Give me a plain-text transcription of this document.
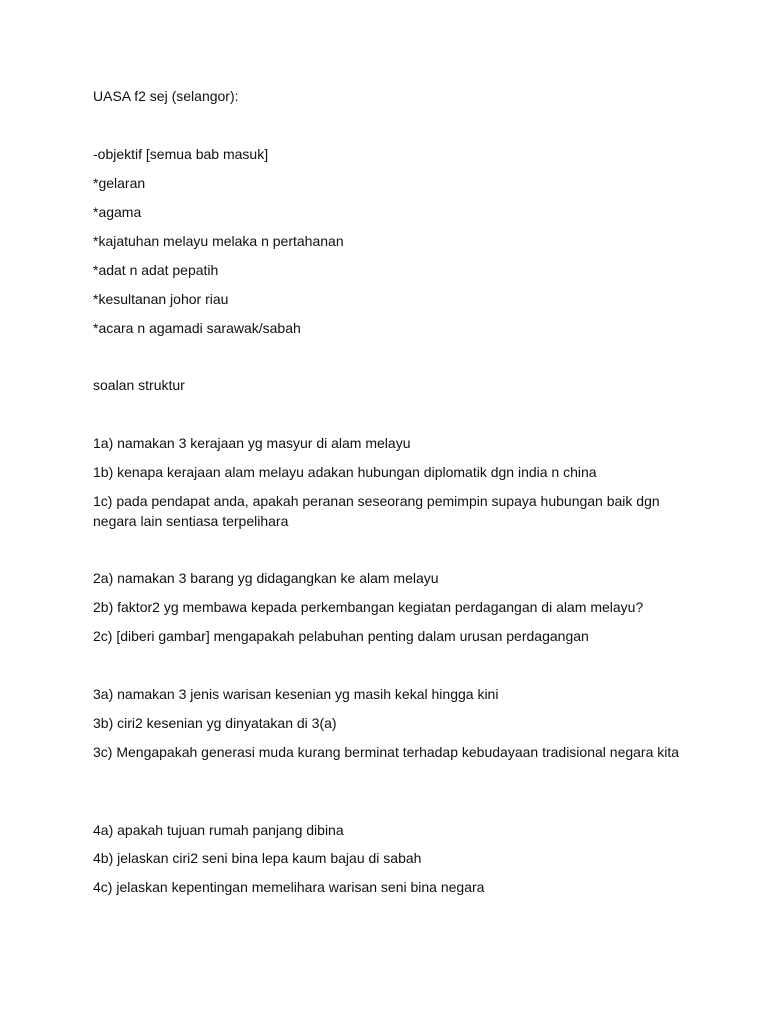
UASA f2 sej (selangor):
-objektif [semua bab masuk]
*gelaran
*agama
*kajatuhan melayu melaka n pertahanan
*adat n adat pepatih
*kesultanan johor riau
*acara n agamadi sarawak/sabah
soalan struktur
1a) namakan 3 kerajaan yg masyur di alam melayu
1b) kenapa kerajaan alam melayu adakan hubungan diplomatik dgn india n china
1c) pada pendapat anda, apakah peranan seseorang pemimpin supaya hubungan baik dgn negara lain sentiasa terpelihara
2a) namakan 3 barang yg didagangkan ke alam melayu
2b) faktor2 yg membawa kepada perkembangan kegiatan perdagangan di alam melayu?
2c) [diberi gambar] mengapakah pelabuhan penting dalam urusan perdagangan
3a) namakan 3 jenis warisan kesenian yg masih kekal hingga kini
3b) ciri2 kesenian yg dinyatakan di 3(a)
3c) Mengapakah generasi muda kurang berminat terhadap kebudayaan tradisional negara kita
4a) apakah tujuan rumah panjang dibina
4b) jelaskan ciri2 seni bina lepa kaum bajau di sabah
4c) jelaskan kepentingan memelihara warisan seni bina negara
